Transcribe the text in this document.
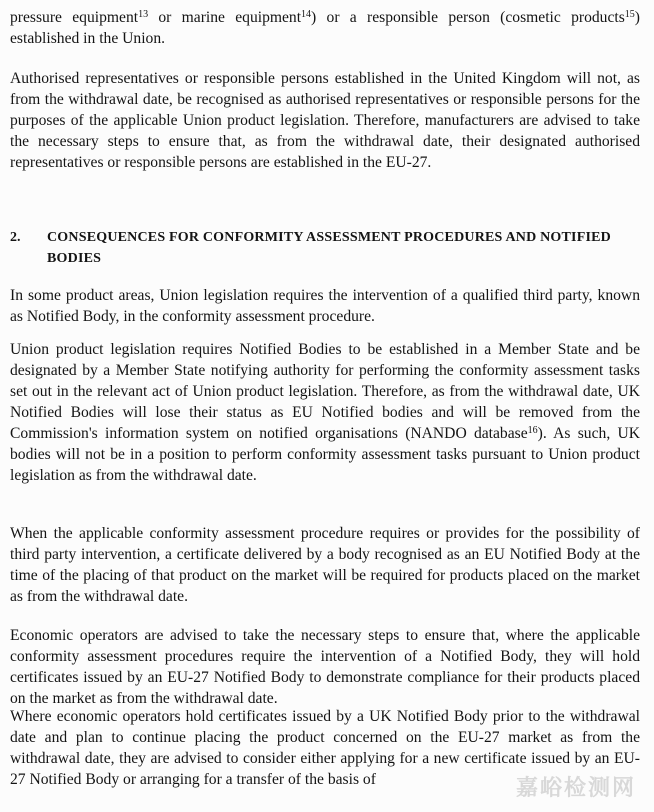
pressure equipment$^{13}$ or marine equipment$^{14}$) or a responsible person (cosmetic products$^{15}$) established in the Union.

Authorised representatives or responsible persons established in the United Kingdom will not, as from the withdrawal date, be recognised as authorised representatives or responsible persons for the purposes of the applicable Union product legislation. Therefore, manufacturers are advised to take the necessary steps to ensure that, as from the withdrawal date, their designated authorised representatives or responsible persons are established in the EU-27.

2. CONSEQUENCES FOR CONFORMITY ASSESSMENT PROCEDURES AND NOTIFIED BODIES

In some product areas, Union legislation requires the intervention of a qualified third party, known as Notified Body, in the conformity assessment procedure.

Union product legislation requires Notified Bodies to be established in a Member State and be designated by a Member State notifying authority for performing the conformity assessment tasks set out in the relevant act of Union product legislation. Therefore, as from the withdrawal date, UK Notified Bodies will lose their status as EU Notified bodies and will be removed from the Commission's information system on notified organisations (NANDO database$^{16}$). As such, UK bodies will not be in a position to perform conformity assessment tasks pursuant to Union product legislation as from the withdrawal date.

When the applicable conformity assessment procedure requires or provides for the possibility of third party intervention, a certificate delivered by a body recognised as an EU Notified Body at the time of the placing of that product on the market will be required for products placed on the market as from the withdrawal date.

Economic operators are advised to take the necessary steps to ensure that, where the applicable conformity assessment procedures require the intervention of a Notified Body, they will hold certificates issued by an EU-27 Notified Body to demonstrate compliance for their products placed on the market as from the withdrawal date.

Where economic operators hold certificates issued by a UK Notified Body prior to the withdrawal date and plan to continue placing the product concerned on the EU-27 market as from the withdrawal date, they are advised to consider either applying for a new certificate issued by an EU-27 Notified Body or arranging for a transfer of the basis of	嘉峪检测网
